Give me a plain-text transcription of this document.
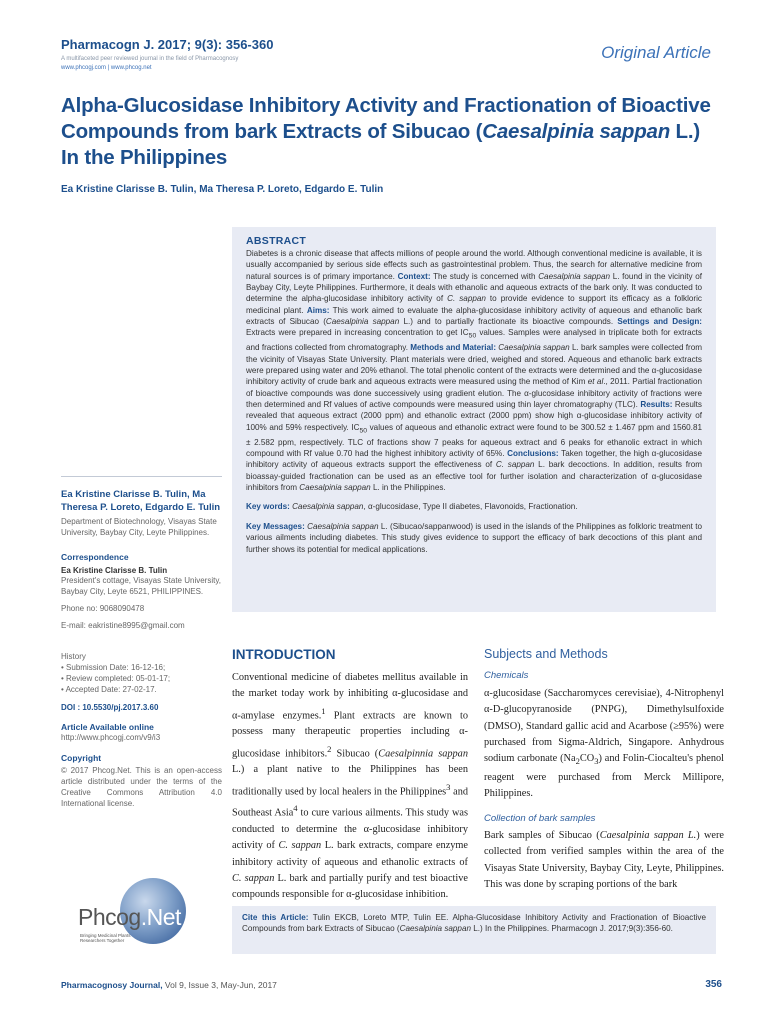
Pharmacogn J. 2017; 9(3): 356-360
A multifaceted peer reviewed journal in the field of Pharmacognosy
www.phcogj.com | www.phcog.net
Original Article
Alpha-Glucosidase Inhibitory Activity and Fractionation of Bioactive Compounds from bark Extracts of Sibucao (Caesalpinia sappan L.) In the Philippines
Ea Kristine Clarisse B. Tulin, Ma Theresa P. Loreto, Edgardo E. Tulin
ABSTRACT
Diabetes is a chronic disease that affects millions of people around the world. Although conventional medicine is available, it is usually accompanied by serious side effects such as gastrointestinal problem. Thus, the search for alternative medicine from natural sources is of primary importance. Context: The study is concerned with Caesalpinia sappan L. found in the vicinity of Baybay City, Leyte Philippines. Furthermore, it deals with ethanolic and aqueous extracts of the bark only. It was conducted to determine the alpha-glucosidase inhibitory activity of C. sappan to provide evidence to support its efficacy as a folkloric medicinal plant. Aims: This work aimed to evaluate the alpha-glucosidase inhibitory activity of aqueous and ethanolic bark extracts of Sibucao (Caesalpinia sappan L.) and to partially fractionate its bioactive compounds. Settings and Design: Extracts were prepared in increasing concentration to get $IC_{50}$ values. Samples were analysed in triplicate both for extracts and fractions collected from chromatography. Methods and Material: Caesalpinia sappan L. bark samples were collected from the vicinity of Visayas State University. Plant materials were dried, weighed and stored. Aqueous and ethanolic bark extracts were prepared using water and 20% ethanol. The total phenolic content of the extracts were determined and the α-glucosidase inhibitory activity of crude bark and aqueous extracts were measured using the method of Kim et al., 2011. Partial fractionation of bioactive compounds was done successively using gradient elution. The α-glucosidase inhibitory activity of fractions were then determined and Rf values of active compounds were measured using thin layer chromatography (TLC). Results: Results revealed that aqueous extract (2000 ppm) and ethanolic extract (2000 ppm) show high α-glucosidase inhibitory activity of 100% and 59% respectively. $IC_{50}$ values of aqueous and ethanolic extract were found to be 300.52 ± 1.467 ppm and 1560.81 ± 2.582 ppm, respectively. TLC of fractions show 7 peaks for aqueous extract and 6 peaks for ethanolic extract in which compound with Rf value 0.70 had the highest inhibitory activity of 65%. Conclusions: Taken together, the high α-glucosidase inhibitory activity of aqueous extracts support the effectiveness of C. sappan L. bark decoctions. In addition, results from bioassay-guided fractionation can be used as an effective tool for further isolation and characterization of α-glucosidase inhibitors from Caesalpinia sappan L. in the Philippines.
Key words: Caesalpinia sappan, α-glucosidase, Type II diabetes, Flavonoids, Fractionation.
Key Messages: Caesalpinia sappan L. (Sibucao/sappanwood) is used in the islands of the Philippines as folkloric treatment to various ailments including diabetes. This study gives evidence to support the efficacy of bark decoctions of this plant and further shows its potential for medical applications.
Ea Kristine Clarisse B. Tulin, Ma Theresa P. Loreto, Edgardo E. Tulin
Department of Biotechnology, Visayas State University, Baybay City, Leyte Philippines.
Correspondence
Ea Kristine Clarisse B. Tulin
President's cottage, Visayas State University, Baybay City, Leyte 6521, PHILIPPINES.
Phone no: 9068090478
E-mail: eakristine8995@gmail.com
History
• Submission Date: 16-12-16;
• Review completed: 05-01-17;
• Accepted Date: 27-02-17.
DOI : 10.5530/pj.2017.3.60
Article Available online
http://www.phcogj.com/v9/i3
Copyright
© 2017 Phcog.Net. This is an open-access article distributed under the terms of the Creative Commons Attribution 4.0 International license.
Phcog.Net
Bringing Medicinal Plants Researchers Together
INTRODUCTION
Conventional medicine of diabetes mellitus available in the market today work by inhibiting α-glucosidase and α-amylase enzymes.$^1$ Plant extracts are known to possess many therapeutic properties including α-glucosidase inhibitors.$^2$ Sibucao (Caesalpinnia sappan L.) a plant native to the Philippines has been traditionally used by local healers in the Philippines$^3$ and Southeast Asia$^4$ to cure various ailments. This study was conducted to determine the α-glucosidase inhibitory activity of C. sappan L. bark extracts, compare enzyme inhibitory activity of aqueous and ethanolic extracts of C. sappan L. bark and partially purify and test bioactive compounds responsible for α-glucosidase inhibition.
Subjects and Methods
Chemicals
α-glucosidase (Saccharomyces cerevisiae), 4-Nitrophenyl α-D-glucopyranoside (PNPG), Dimethylsulfoxide (DMSO), Standard gallic acid and Acarbose (≥95%) were purchased from Sigma-Aldrich, Singapore. Anhydrous sodium carbonate $(Na_2CO_3)$ and Folin-Ciocalteu's phenol reagent were purchased from Merck Millipore, Philippines.
Collection of bark samples
Bark samples of Sibucao (Caesalpinia sappan L.) were collected from verified samples within the area of the Visayas State University, Baybay City, Leyte, Philippines. This was done by scraping portions of the bark
Cite this Article: Tulin EKCB, Loreto MTP, Tulin EE. Alpha-Glucosidase Inhibitory Activity and Fractionation of Bioactive Compounds from bark Extracts of Sibucao (Caesalpinia sappan L.) In the Philippines. Pharmacogn J. 2017;9(3):356-60.
Pharmacognosy Journal, Vol 9, Issue 3, May-Jun, 2017	356
